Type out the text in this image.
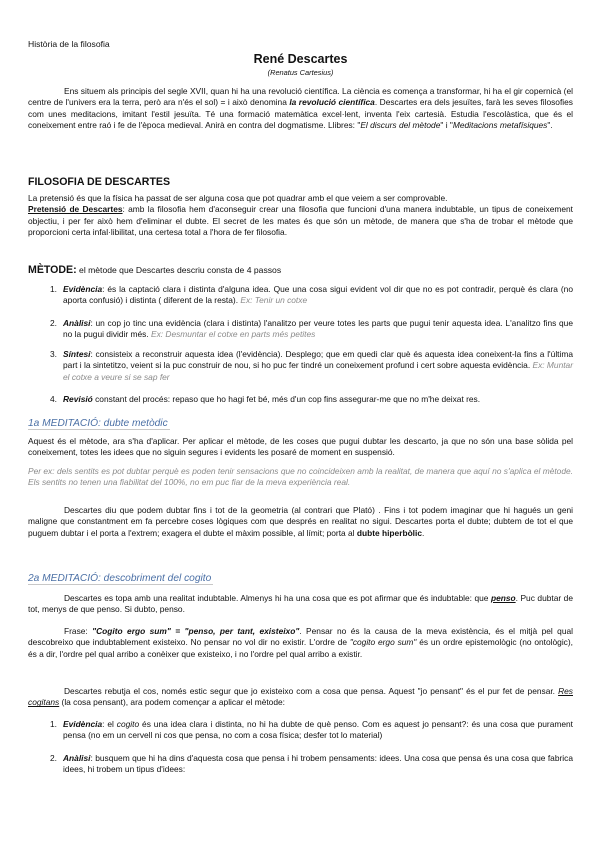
Història de la filosofia
René Descartes
(Renatus Cartesius)

Ens situem als principis del segle XVII, quan hi ha una revolució científica. La ciència es comença a transformar, hi ha el gir copernicà (el centre de l'univers era la terra, però ara n'és el sol) = i això denomina la revolució científica. Descartes era dels jesuïtes, farà les seves filosofies com unes meditacions, imitant l'estil jesuïta. Té una formació matemàtica excel·lent, inventa l'eix cartesià. Estudia l'escolàstica, que és el coneixement entre raó i fe de l'època medieval. Anirà en contra del dogmatisme. Llibres: "El discurs del mètode" i "Meditacions metafísiques".

FILOSOFIA DE DESCARTES

La pretensió és que la física ha passat de ser alguna cosa que pot quadrar amb el que veiem a ser comprovable.
Pretensió de Descartes: amb la filosofia hem d'aconseguir crear una filosofia que funcioni d'una manera indubtable, un tipus de coneixement objectiu, i per fer això hem d'eliminar el dubte. El secret de les mates és que són un mètode, de manera que s'ha de trobar el mètode que proporcioni certa infal·libilitat, una certesa total a l'hora de fer filosofia.

MÈTODE: el mètode que Descartes descriu consta de 4 passos
1. Evidència: és la captació clara i distinta d'alguna idea. Que una cosa sigui evident vol dir que no es pot contradir, perquè és clara (no aporta confusió) i distinta ( diferent de la resta). Ex: Tenir un cotxe
2. Anàlisi: un cop jo tinc una evidència (clara i distinta) l'analitzo per veure totes les parts que pugui tenir aquesta idea. L'analitzo fins que no la pugui dividir més. Ex: Desmuntar el cotxe en parts més petites
3. Síntesi: consisteix a reconstruir aquesta idea (l'evidència). Desplego; que em quedi clar què és aquesta idea coneixent-la fins a l'última part i la sintetitzo, veient si la puc construir de nou, si ho puc fer tindré un coneixement profund i cert sobre aquesta evidència. Ex: Muntar el cotxe a veure si se sap fer
4. Revisió constant del procés: repaso que ho hagi fet bé, més d'un cop fins assegurar-me que no m'he deixat res.
1a MEDITACIÓ: dubte metòdic

Aquest és el mètode, ara s'ha d'aplicar. Per aplicar el mètode, de les coses que pugui dubtar les descarto, ja que no són una base sòlida pel coneixement, totes les idees que no siguin segures i evidents les posaré de moment en suspensió.

Per ex: dels sentits es pot dubtar perquè es poden tenir sensacions que no coincideixen amb la realitat, de manera que aquí no s'aplica el mètode. Els sentits no tenen una fiabilitat del 100%, no em puc fiar de la meva experiència real.

Descartes diu que podem dubtar fins i tot de la geometria (al contrari que Plató) . Fins i tot podem imaginar que hi hagués un geni maligne que constantment em fa percebre coses lògiques com que després en realitat no sigui. Descartes porta el dubte; dubtem de tot el que puguem dubtar i el porta a l'extrem; exagera el dubte el màxim possible, al límit; porta al dubte hiperbòlic.

2a MEDITACIÓ: descobriment del cogito

Descartes es topa amb una realitat indubtable. Almenys hi ha una cosa que es pot afirmar que és indubtable: que penso. Puc dubtar de tot, menys de que penso. Si dubto, penso.

Frase: "Cogito ergo sum" = "penso, per tant, existeixo". Pensar no és la causa de la meva existència, és el mitjà pel qual descobreixo que indubtablement existeixo. No pensar no vol dir no existir. L'ordre de "cogito ergo sum" és un ordre epistemològic (no ontològic), és a dir, l'ordre pel qual arribo a conèixer que existeixo, i no l'ordre pel qual arribo a existir.

Descartes rebutja el cos, només estic segur que jo existeixo com a cosa que pensa. Aquest "jo pensant" és el pur fet de pensar. Res cogitans (la cosa pensant), ara podem començar a aplicar el mètode:

1. Evidència: el cogito és una idea clara i distinta, no hi ha dubte de què penso. Com es aquest jo pensant?: és una cosa que purament pensa (no em un cervell ni cos que pensa, no com a cosa física; desfer tot lo material)
2. Anàlisi: busquem que hi ha dins d'aquesta cosa que pensa i hi trobem pensaments: idees. Una cosa que pensa és una cosa que fabrica idees, hi trobem un tipus d'idees:
